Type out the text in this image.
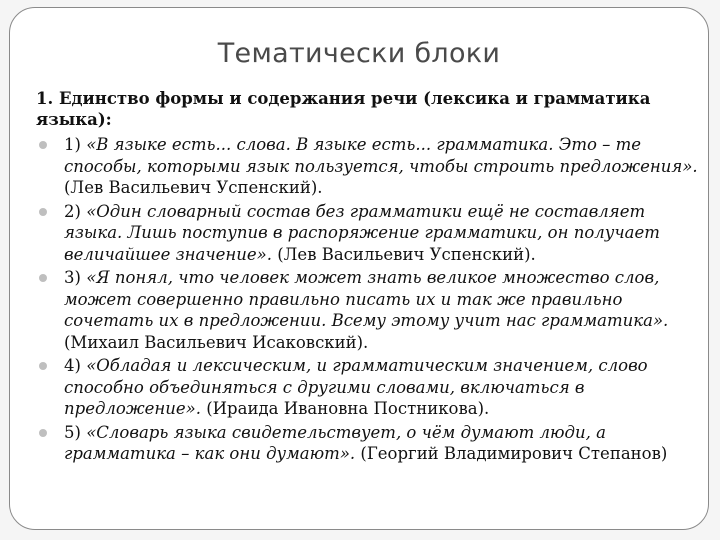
Тематически блоки
1. Единство формы и содержания речи (лексика и грамматика языка):
1) «В языке есть... слова. В языке есть... грамматика. Это – те способы, которыми язык пользуется, чтобы строить предложения». (Лев Васильевич Успенский).
2) «Один словарный состав без грамматики ещё не составляет языка. Лишь поступив в распоряжение грамматики, он получает величайшее значение». (Лев Васильевич Успенский).
3) «Я понял, что человек может знать великое множество слов, может совершенно правильно писать их и так же правильно сочетать их в предложении. Всему этому учит нас грамматика». (Михаил Васильевич Исаковский).
4) «Обладая и лексическим, и грамматическим значением, слово способно объединяться с другими словами, включаться в предложение». (Ираида Ивановна Постникова).
5) «Словарь языка свидетельствует, о чём думают люди, а грамматика – как они думают». (Георгий Владимирович Степанов)
